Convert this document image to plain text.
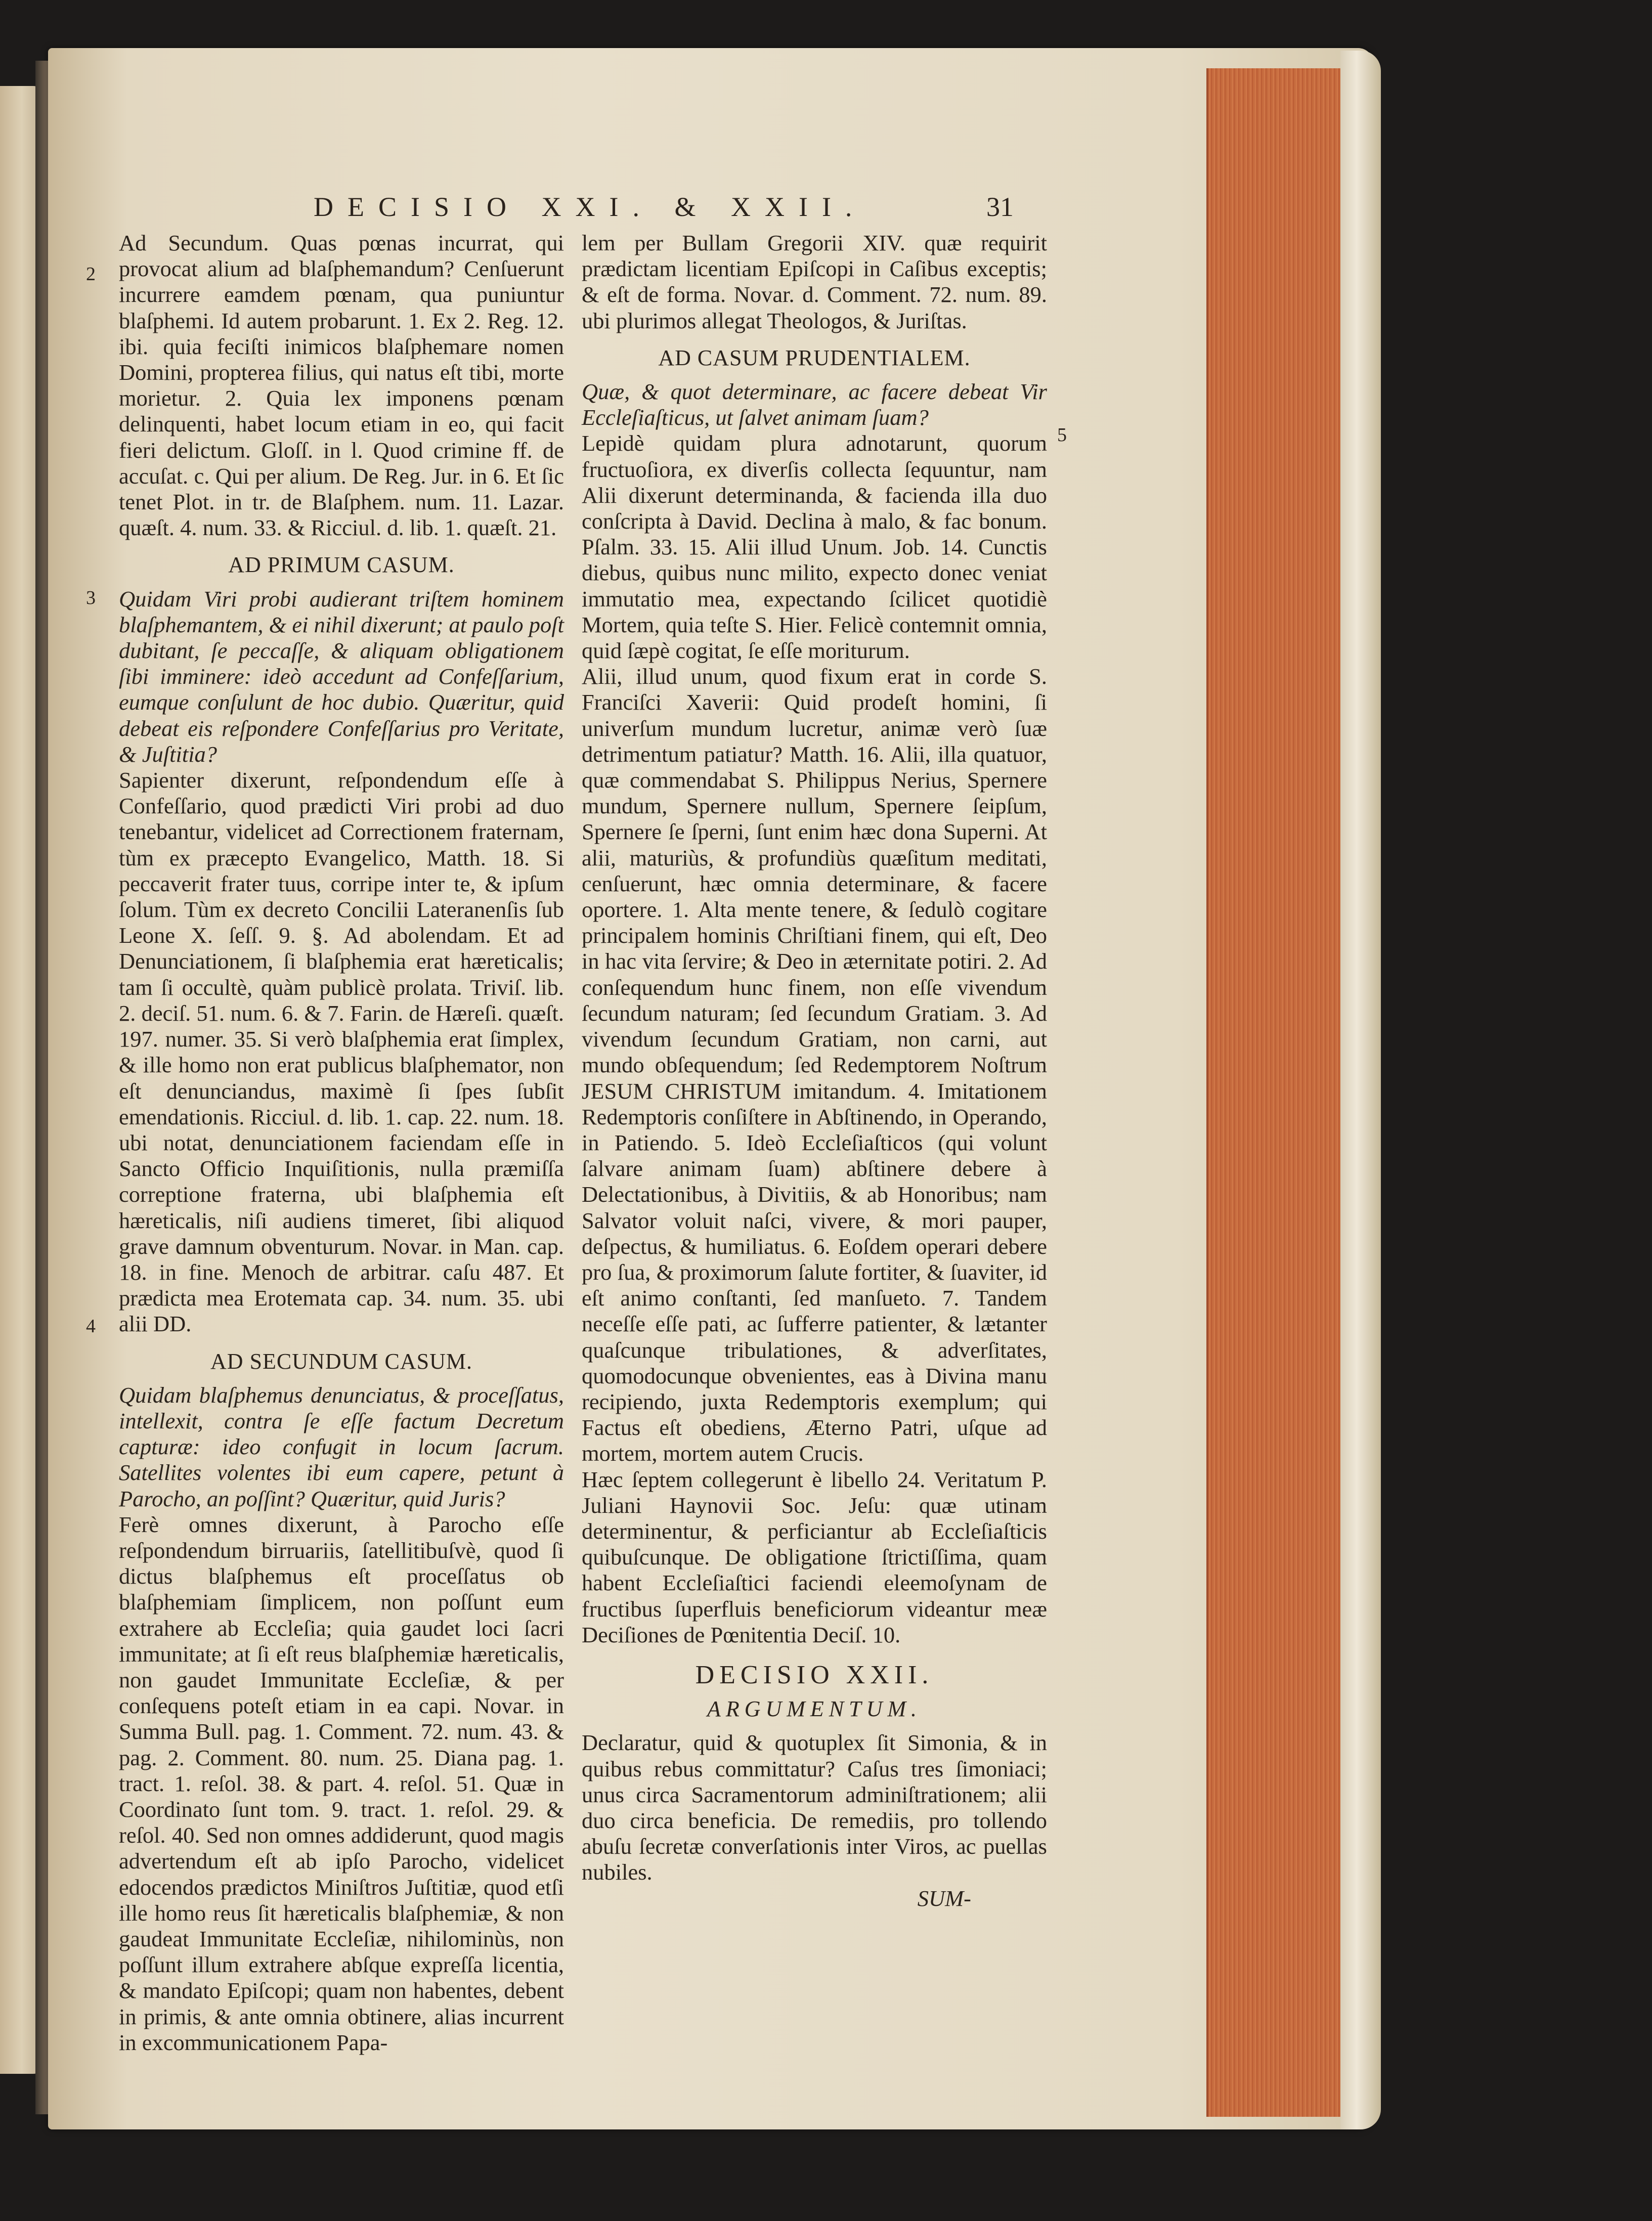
DECISIO XXI. & XXII.	31
2
3
4
5

Ad Secundum. Quas pœnas incurrat, qui provocat alium ad blaſphemandum? Cenſuerunt incurrere eamdem pœnam, qua puniuntur blaſphemi. Id autem probarunt. 1. Ex 2. Reg. 12. ibi. quia feciſti inimicos blaſphemare nomen Domini, propterea filius, qui natus eſt tibi, morte morietur. 2. Quia lex imponens pœnam delinquenti, habet locum etiam in eo, qui facit fieri delictum. Gloſſ. in l. Quod crimine ff. de accuſat. c. Qui per alium. De Reg. Jur. in 6. Et ſic tenet Plot. in tr. de Blaſphem. num. 11. Lazar. quæſt. 4. num. 33. & Ricciul. d. lib. 1. quæſt. 21.

AD PRIMUM CASUM.

Quidam Viri probi audierant triſtem hominem blaſphemantem, & ei nihil dixerunt; at paulo poſt dubitant, ſe peccaſſe, & aliquam obligationem ſibi imminere: ideò accedunt ad Confeſſarium, eumque conſulunt de hoc dubio. Quæritur, quid debeat eis reſpondere Confeſſarius pro Veritate, & Juſtitia?

Sapienter dixerunt, reſpondendum eſſe à Confeſſario, quod prædicti Viri probi ad duo tenebantur, videlicet ad Correctionem fraternam, tùm ex præcepto Evangelico, Matth. 18. Si peccaverit frater tuus, corripe inter te, & ipſum ſolum. Tùm ex decreto Concilii Lateranenſis ſub Leone X. ſeſſ. 9. §. Ad abolendam. Et ad Denunciationem, ſi blaſphemia erat hæreticalis; tam ſi occultè, quàm publicè prolata. Triviſ. lib. 2. deciſ. 51. num. 6. & 7. Farin. de Hæreſi. quæſt. 197. numer. 35. Si verò blaſphemia erat ſimplex, & ille homo non erat publicus blaſphemator, non eſt denunciandus, maximè ſi ſpes ſubſit emendationis. Ricciul. d. lib. 1. cap. 22. num. 18. ubi notat, denunciationem faciendam eſſe in Sancto Officio Inquiſitionis, nulla præmiſſa correptione fraterna, ubi blaſphemia eſt hæreticalis, niſi audiens timeret, ſibi aliquod grave damnum obventurum. Novar. in Man. cap. 18. in fine. Menoch de arbitrar. caſu 487. Et prædicta mea Erotemata cap. 34. num. 35. ubi alii DD.

AD SECUNDUM CASUM.

Quidam blaſphemus denunciatus, & proceſſatus, intellexit, contra ſe eſſe factum Decretum capturæ: ideo confugit in locum ſacrum. Satellites volentes ibi eum capere, petunt à Parocho, an poſſint? Quæritur, quid Juris?

Ferè omnes dixerunt, à Parocho eſſe reſpondendum birruariis, ſatellitibuſvè, quod ſi dictus blaſphemus eſt proceſſatus ob blaſphemiam ſimplicem, non poſſunt eum extrahere ab Eccleſia; quia gaudet loci ſacri immunitate; at ſi eſt reus blaſphemiæ hæreticalis, non gaudet Immunitate Eccleſiæ, & per conſequens poteſt etiam in ea capi. Novar. in Summa Bull. pag. 1. Comment. 72. num. 43. & pag. 2. Comment. 80. num. 25. Diana pag. 1. tract. 1. reſol. 38. & part. 4. reſol. 51. Quæ in Coordinato ſunt tom. 9. tract. 1. reſol. 29. & reſol. 40. Sed non omnes addiderunt, quod magis advertendum eſt ab ipſo Parocho, videlicet edocendos prædictos Miniſtros Juſtitiæ, quod etſi ille homo reus ſit hæreticalis blaſphemiæ, & non gaudeat Immunitate Eccleſiæ, nihilominùs, non poſſunt illum extrahere abſque expreſſa licentia, & mandato Epiſcopi; quam non habentes, debent in primis, & ante omnia obtinere, alias incurrent in excommunicationem Papa-

lem per Bullam Gregorii XIV. quæ requirit prædictam licentiam Epiſcopi in Caſibus exceptis; & eſt de forma. Novar. d. Comment. 72. num. 89. ubi plurimos allegat Theologos, & Juriſtas.

AD CASUM PRUDENTIALEM.

Quæ, & quot determinare, ac facere debeat Vir Eccleſiaſticus, ut ſalvet animam ſuam?

Lepidè quidam plura adnotarunt, quorum fructuoſiora, ex diverſis collecta ſequuntur, nam Alii dixerunt determinanda, & facienda illa duo conſcripta à David. Declina à malo, & fac bonum. Pſalm. 33. 15. Alii illud Unum. Job. 14. Cunctis diebus, quibus nunc milito, expecto donec veniat immutatio mea, expectando ſcilicet quotidiè Mortem, quia teſte S. Hier. Felicè contemnit omnia, quid ſæpè cogitat, ſe eſſe moriturum.

Alii, illud unum, quod fixum erat in corde S. Franciſci Xaverii: Quid prodeſt homini, ſi univerſum mundum lucretur, animæ verò ſuæ detrimentum patiatur? Matth. 16. Alii, illa quatuor, quæ commendabat S. Philippus Nerius, Spernere mundum, Spernere nullum, Spernere ſeipſum, Spernere ſe ſperni, ſunt enim hæc dona Superni. At alii, maturiùs, & profundiùs quæſitum meditati, cenſuerunt, hæc omnia determinare, & facere oportere. 1. Alta mente tenere, & ſedulò cogitare principalem hominis Chriſtiani finem, qui eſt, Deo in hac vita ſervire; & Deo in æternitate potiri. 2. Ad conſequendum hunc finem, non eſſe vivendum ſecundum naturam; ſed ſecundum Gratiam. 3. Ad vivendum ſecundum Gratiam, non carni, aut mundo obſequendum; ſed Redemptorem Noſtrum JESUM CHRISTUM imitandum. 4. Imitationem Redemptoris conſiſtere in Abſtinendo, in Operando, in Patiendo. 5. Ideò Eccleſiaſticos (qui volunt ſalvare animam ſuam) abſtinere debere à Delectationibus, à Divitiis, & ab Honoribus; nam Salvator voluit naſci, vivere, & mori pauper, deſpectus, & humiliatus. 6. Eoſdem operari debere pro ſua, & proximorum ſalute fortiter, & ſuaviter, id eſt animo conſtanti, ſed manſueto. 7. Tandem neceſſe eſſe pati, ac ſufferre patienter, & lætanter quaſcunque tribulationes, & adverſitates, quomodocunque obvenientes, eas à Divina manu recipiendo, juxta Redemptoris exemplum; qui Factus eſt obediens, Æterno Patri, uſque ad mortem, mortem autem Crucis.

Hæc ſeptem collegerunt è libello 24. Veritatum P. Juliani Haynovii Soc. Jeſu: quæ utinam determinentur, & perficiantur ab Eccleſiaſticis quibuſcunque. De obligatione ſtrictiſſima, quam habent Eccleſiaſtici faciendi eleemoſynam de fructibus ſuperfluis beneficiorum videantur meæ Deciſiones de Pœnitentia Deciſ. 10.

DECISIO XXII.

ARGUMENTUM.

Declaratur, quid & quotuplex ſit Simonia, & in quibus rebus committatur? Caſus tres ſimoniaci; unus circa Sacramentorum adminiſtrationem; alii duo circa beneficia. De remediis, pro tollendo abuſu ſecretæ converſationis inter Viros, ac puellas nubiles.

SUM-
